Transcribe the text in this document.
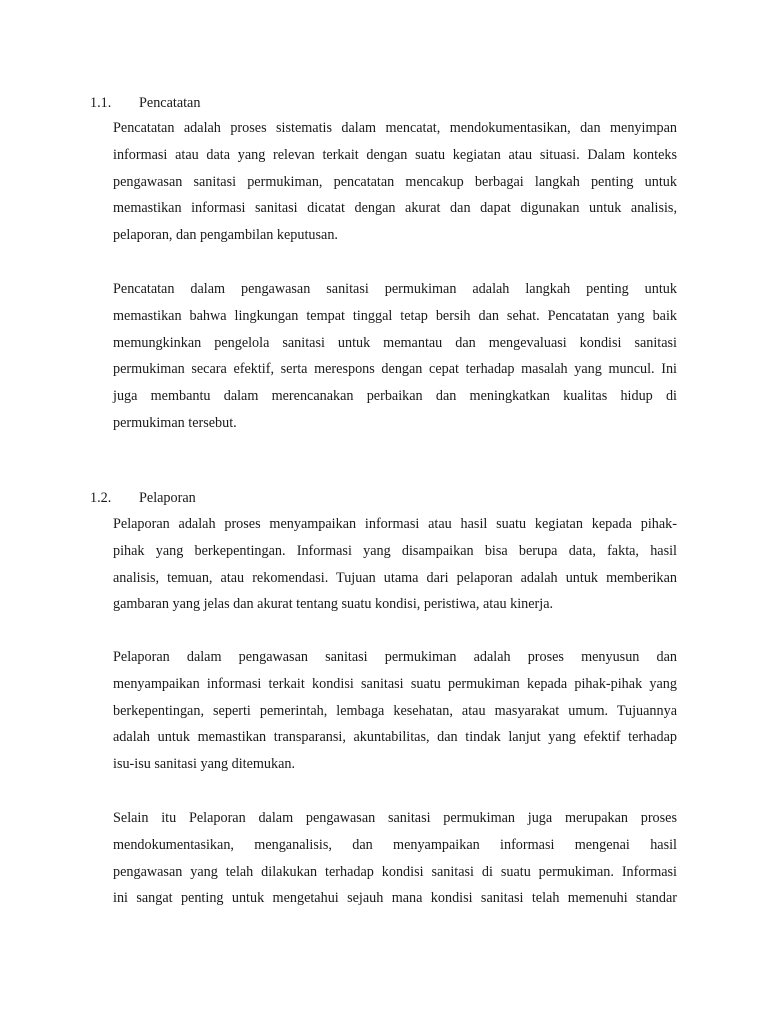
1.1. Pencatatan

Pencatatan adalah proses sistematis dalam mencatat, mendokumentasikan, dan menyimpan
informasi atau data yang relevan terkait dengan suatu kegiatan atau situasi. Dalam konteks
pengawasan sanitasi permukiman, pencatatan mencakup berbagai langkah penting untuk
memastikan informasi sanitasi dicatat dengan akurat dan dapat digunakan untuk analisis,
pelaporan, dan pengambilan keputusan.

Pencatatan dalam pengawasan sanitasi permukiman adalah langkah penting untuk
memastikan bahwa lingkungan tempat tinggal tetap bersih dan sehat. Pencatatan yang baik
memungkinkan pengelola sanitasi untuk memantau dan mengevaluasi kondisi sanitasi
permukiman secara efektif, serta merespons dengan cepat terhadap masalah yang muncul. Ini
juga membantu dalam merencanakan perbaikan dan meningkatkan kualitas hidup di
permukiman tersebut.

1.2. Pelaporan

Pelaporan adalah proses menyampaikan informasi atau hasil suatu kegiatan kepada pihak-
pihak yang berkepentingan. Informasi yang disampaikan bisa berupa data, fakta, hasil
analisis, temuan, atau rekomendasi. Tujuan utama dari pelaporan adalah untuk memberikan
gambaran yang jelas dan akurat tentang suatu kondisi, peristiwa, atau kinerja.

Pelaporan dalam pengawasan sanitasi permukiman adalah proses menyusun dan
menyampaikan informasi terkait kondisi sanitasi suatu permukiman kepada pihak-pihak yang
berkepentingan, seperti pemerintah, lembaga kesehatan, atau masyarakat umum. Tujuannya
adalah untuk memastikan transparansi, akuntabilitas, dan tindak lanjut yang efektif terhadap
isu-isu sanitasi yang ditemukan.

Selain itu Pelaporan dalam pengawasan sanitasi permukiman juga merupakan proses
mendokumentasikan, menganalisis, dan menyampaikan informasi mengenai hasil
pengawasan yang telah dilakukan terhadap kondisi sanitasi di suatu permukiman. Informasi
ini sangat penting untuk mengetahui sejauh mana kondisi sanitasi telah memenuhi standar
